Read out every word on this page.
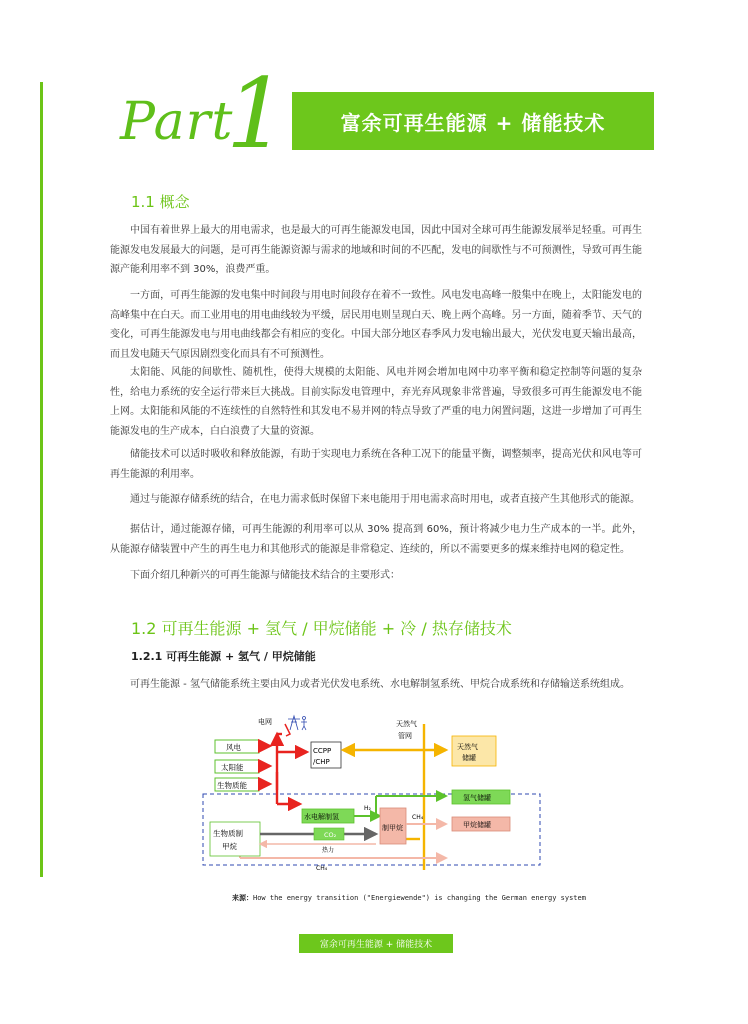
Part
1	富余可再生能源 + 储能技术
1.1 概念

中国有着世界上最大的用电需求，也是最大的可再生能源发电国，因此中国对全球可再生能源发展举足轻重。可再生能源发电发展最大的问题，是可再生能源资源与需求的地域和时间的不匹配，发电的间歇性与不可预测性，导致可再生能源产能利用率不到 30%，浪费严重。

一方面，可再生能源的发电集中时间段与用电时间段存在着不一致性。风电发电高峰一般集中在晚上，太阳能发电的高峰集中在白天。而工业用电的用电曲线较为平缓，居民用电则呈现白天、晚上两个高峰。另一方面，随着季节、天气的变化，可再生能源发电与用电曲线都会有相应的变化。中国大部分地区春季风力发电输出最大，光伏发电夏天输出最高，而且发电随天气原因剧烈变化而具有不可预测性。

太阳能、风能的间歇性、随机性，使得大规模的太阳能、风电并网会增加电网中功率平衡和稳定控制等问题的复杂性，给电力系统的安全运行带来巨大挑战。目前实际发电管理中，弃光弃风现象非常普遍，导致很多可再生能源发电不能上网。太阳能和风能的不连续性的自然特性和其发电不易并网的特点导致了严重的电力闲置问题，这进一步增加了可再生能源发电的生产成本，白白浪费了大量的资源。

储能技术可以适时吸收和释放能源，有助于实现电力系统在各种工况下的能量平衡，调整频率，提高光伏和风电等可再生能源的利用率。

通过与能源存储系统的结合，在电力需求低时保留下来电能用于用电需求高时用电，或者直接产生其他形式的能源。

据估计，通过能源存储，可再生能源的利用率可以从 30% 提高到 60%，预计将减少电力生产成本的一半。此外，从能源存储装置中产生的再生电力和其他形式的能源是非常稳定、连续的，所以不需要更多的煤来维持电网的稳定性。

下面介绍几种新兴的可再生能源与储能技术结合的主要形式：

1.2 可再生能源 + 氢气 / 甲烷储能 + 冷 / 热存储技术
1.2.1 可再生能源 + 氢气 / 甲烷储能

可再生能源 - 氢气储能系统主要由风力或者光伏发电系统、水电解制氢系统、甲烷合成系统和存储输送系统组成。

电网	天然气
管网
风电
太阳能
生物质能
CCPP
/CHP
天然气
储罐
水电解制氢
H₂
氢气储罐
制甲烷
CH₄
甲烷储罐
生物质制
甲烷
CO₂
热力
CH₄
来源：How the energy transition ("Energiewende") is changing the German energy system
富余可再生能源 + 储能技术
